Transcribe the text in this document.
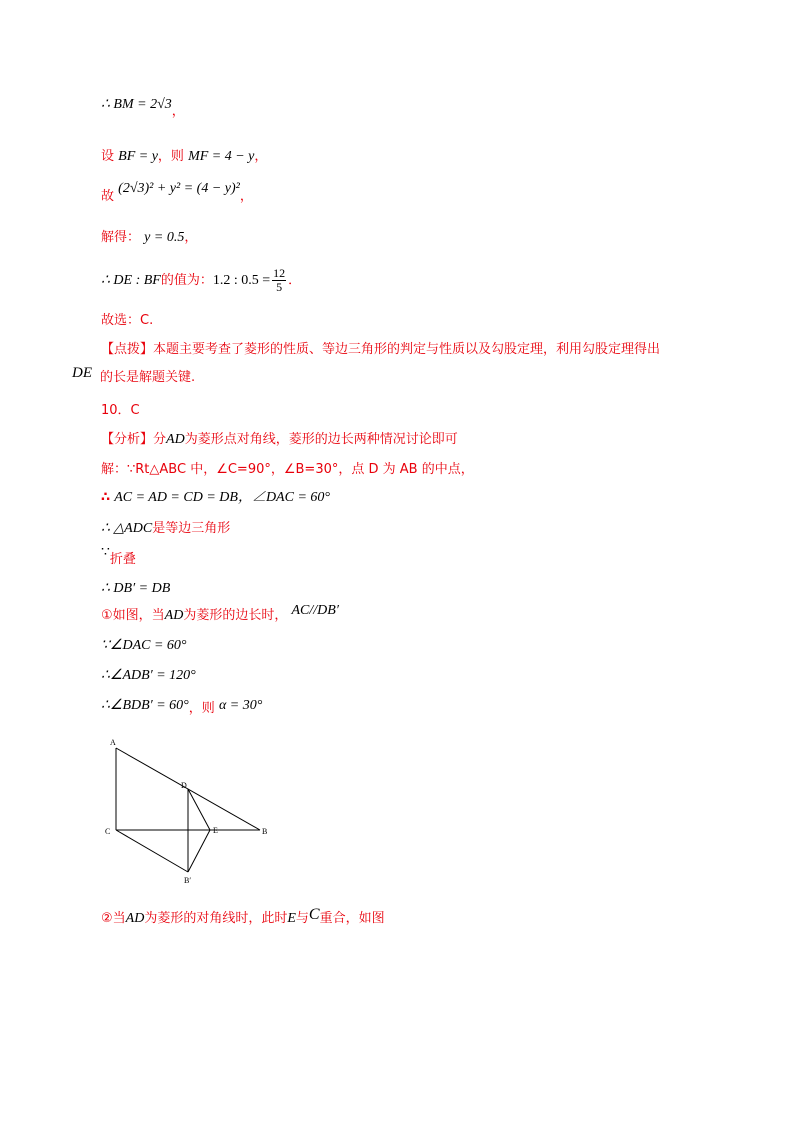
∴ BM = 2√3，
设 BF = y，则 MF = 4 − y，
故 (2√3)² + y² = (4 − y)²，
解得： y = 0.5，
∴ DE : BF的值为：1.2 : $0.5 = \frac{12}{5}$ ．
故选：C.
【点拨】本题主要考查了菱形的性质、等边三角形的判定与性质以及勾股定理，利用勾股定理得出
DE 的长是解题关键.
10．C
【分析】分AD为菱形点对角线，菱形的边长两种情况讨论即可
解：∵Rt△ABC 中，∠C=90°，∠B=30°，点 D 为 AB 的中点，
∴ AC = AD = CD = DB，∠DAC = 60°
∴ △ADC是等边三角形
∵折叠
∴ DB′ = DB
①如图，当AD为菱形的边长时， AC//DB′
∵∠DAC = 60°
∴∠ADB′ = 120°
∴∠BDB′ = 60°，则 α = 30°
A
D
C	E	B
B′
②当AD为菱形的对角线时，此时E与C重合，如图
